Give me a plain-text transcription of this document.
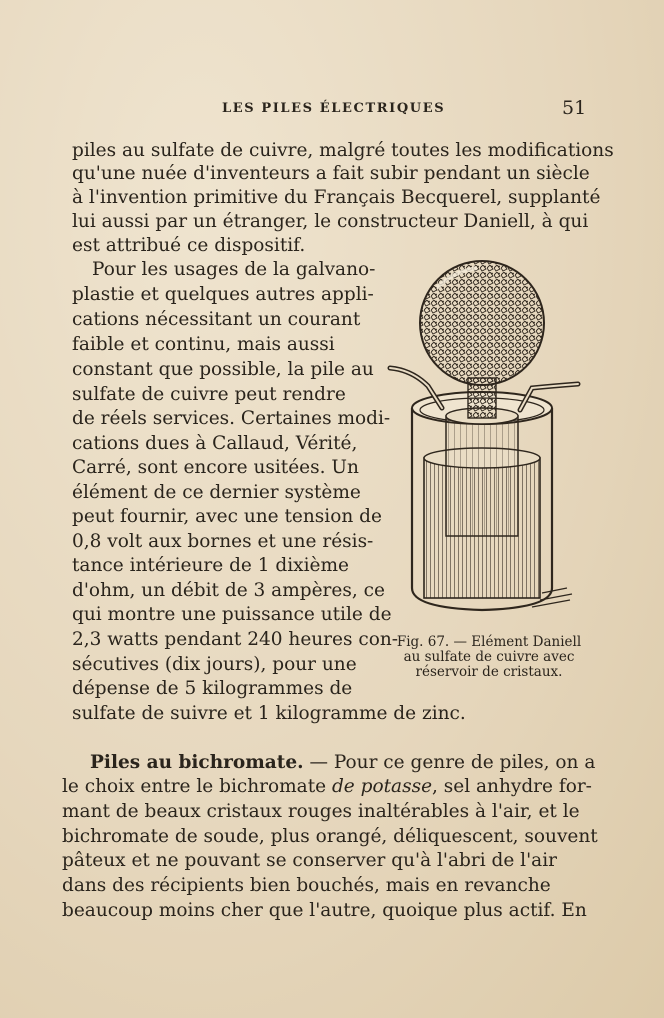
LES PILES ÉLECTRIQUES	51
piles au sulfate de cuivre, malgré toutes les modifications
qu'une nuée d'inventeurs a fait subir pendant un siècle
à l'invention primitive du Français Becquerel, supplanté
lui aussi par un étranger, le constructeur Daniell, à qui
est attribué ce dispositif.
Pour les usages de la galvano-
plastie et quelques autres appli-
cations nécessitant un courant
faible et continu, mais aussi
constant que possible, la pile au
sulfate de cuivre peut rendre
de réels services. Certaines modi-
cations dues à Callaud, Vérité,
Carré, sont encore usitées. Un
élément de ce dernier système
peut fournir, avec une tension de
0,8 volt aux bornes et une résis-
tance intérieure de 1 dixième
d'ohm, un débit de 3 ampères, ce
qui montre une puissance utile de
2,3 watts pendant 240 heures con-
sécutives (dix jours), pour une
dépense de 5 kilogrammes de
sulfate de suivre et 1 kilogramme de zinc.
Fig. 67. — Elément Daniell
au sulfate de cuivre avec
réservoir de cristaux.
Piles au bichromate. — Pour ce genre de piles, on a
le choix entre le bichromate de potasse, sel anhydre for-
mant de beaux cristaux rouges inaltérables à l'air, et le
bichromate de soude, plus orangé, déliquescent, souvent
pâteux et ne pouvant se conserver qu'à l'abri de l'air
dans des récipients bien bouchés, mais en revanche
beaucoup moins cher que l'autre, quoique plus actif. En
